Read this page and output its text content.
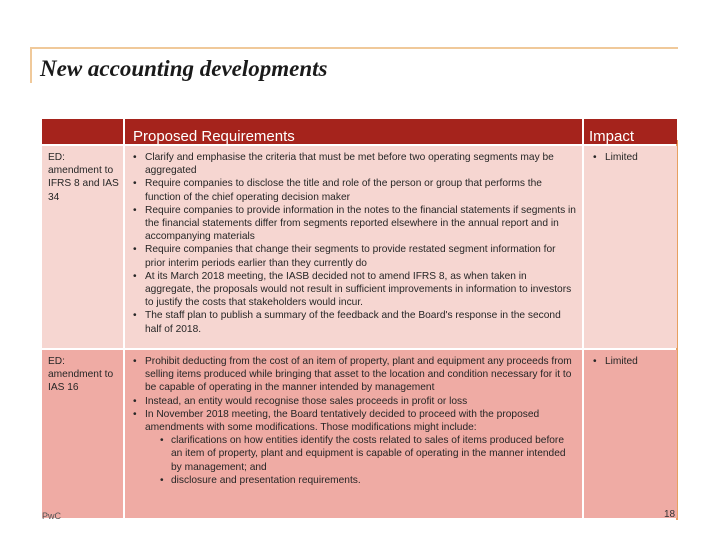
New accounting developments
Proposed Requirements	Impact
ED: amendment to IFRS 8 and IAS 34
• Clarify and emphasise the criteria that must be met before two operating segments may be aggregated
• Require companies to disclose the title and role of the person or group that performs the function of the chief operating decision maker
• Require companies to provide information in the notes to the financial statements if segments in the financial statements differ from segments reported elsewhere in the annual report and in accompanying materials
• Require companies that change their segments to provide restated segment information for prior interim periods earlier than they currently do
• At its March 2018 meeting, the IASB decided not to amend IFRS 8, as when taken in aggregate, the proposals would not result in sufficient improvements in information to investors to justify the costs that stakeholders would incur.
• The staff plan to publish a summary of the feedback and the Board's response in the second half of 2018.
• Limited
ED: amendment to IAS 16
• Prohibit deducting from the cost of an item of property, plant and equipment any proceeds from selling items produced while bringing that asset to the location and condition necessary for it to be capable of operating in the manner intended by management
• Instead, an entity would recognise those sales proceeds in profit or loss
• In November 2018 meeting, the Board tentatively decided to proceed with the proposed amendments with some modifications. Those modifications might include:
• clarifications on how entities identify the costs related to sales of items produced before an item of property, plant and equipment is capable of operating in the manner intended by management; and
• disclosure and presentation requirements.
• Limited
PwC	18
